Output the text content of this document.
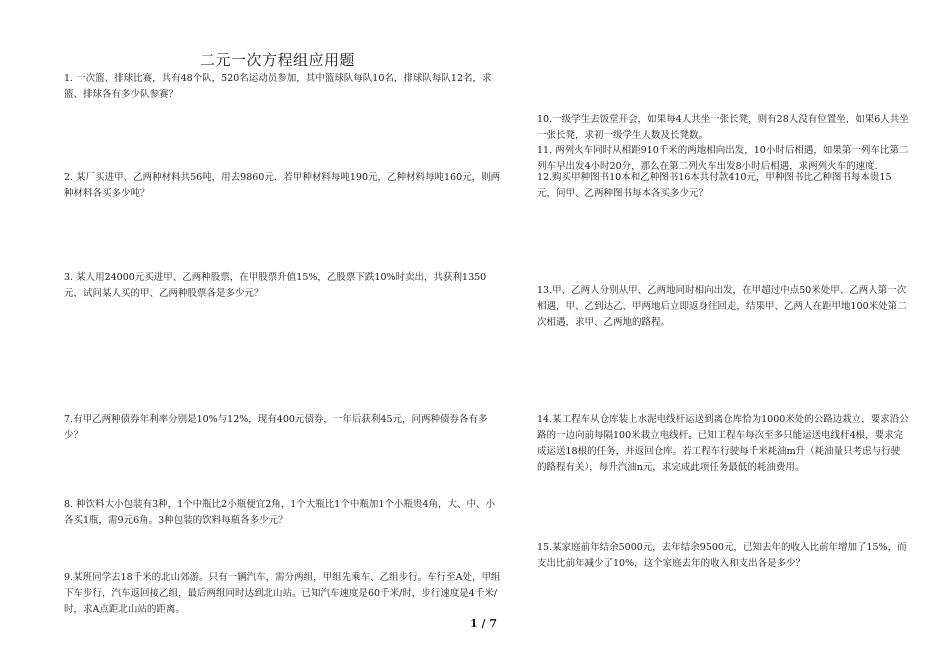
二元一次方程组应用题

1. 一次篮、排球比赛，共有48个队，520名运动员参加，其中篮球队每队10名，排球队每队12名，求篮、排球各有多少队参赛？

2. 某厂买进甲、乙两种材料共56吨，用去9860元．若甲种材料每吨190元，乙种材料每吨160元，则两种材料各买多少吨？

3. 某人用24000元买进甲、乙两种股票，在甲股票升值15%，乙股票下跌10%时卖出，共获利1350元，试问某人买的甲、乙两种股票各是多少元？

7.有甲乙两种债券年利率分别是10%与12%，现有400元债券，一年后获利45元，问两种债券各有多少？

8. 种饮料大小包装有3种，1个中瓶比2小瓶便宜2角，1个大瓶比1个中瓶加1个小瓶贵4角，大、中、小各买1瓶，需9元6角。3种包装的饮料每瓶各多少元？

9.某班同学去18千米的北山郊游。只有一辆汽车，需分两组，甲组先乘车、乙组步行。车行至A处，甲组下车步行，汽车返回接乙组，最后两组同时达到北山站。已知汽车速度是60千米/时，步行速度是4千米/时，求A点距北山站的距离。

10.一级学生去饭堂开会，如果每4人共坐一张长凳，则有28人没有位置坐，如果6人共坐一张长凳，求初一级学生人数及长凳数。

11. 两列火车同时从相距910千米的两地相向出发，10小时后相遇，如果第一列车比第二列车早出发4小时20分，那么在第二列火车出发8小时后相遇，求两列火车的速度．

12.购买甲种图书10本和乙种图书16本共付款410元，甲种图书比乙种图书每本贵15元，问甲、乙两种图书每本各买多少元？

13.甲、乙两人分别从甲、乙两地同时相向出发，在甲超过中点50米处甲、乙两人第一次相遇，甲、乙到达乙、甲两地后立即返身往回走，结果甲、乙两人在距甲地100米处第二次相遇，求甲、乙两地的路程。

14.某工程车从仓库装上水泥电线杆运送到离仓库恰为1000米处的公路边栽立，要求沿公路的一边向前每隔100米栽立电线杆。已知工程车每次至多只能运送电线杆4根，要求完成运送18根的任务，并返回仓库。若工程车行驶每千米耗油m升（耗油量只考虑与行驶的路程有关），每升汽油n元，求完成此项任务最低的耗油费用。

15.某家庭前年结余5000元，去年结余9500元，已知去年的收入比前年增加了15%，而支出比前年减少了10%，这个家庭去年的收入和支出各是多少？

1 / 7
